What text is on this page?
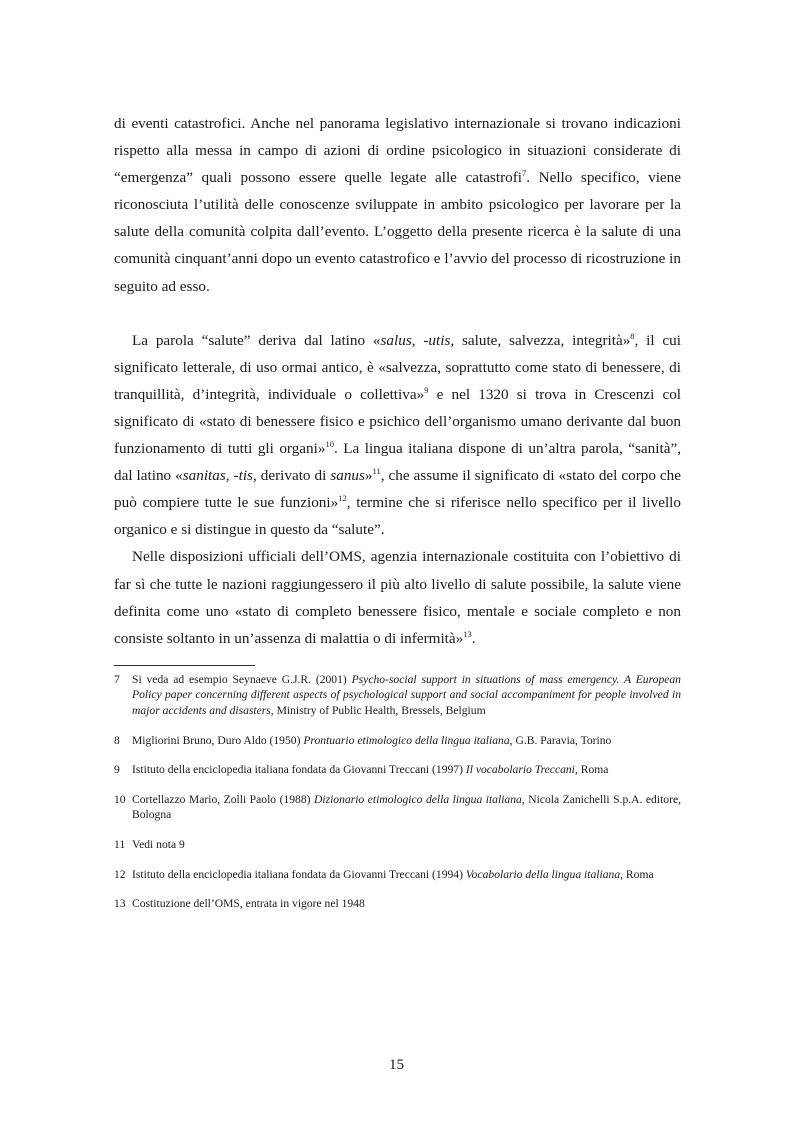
di eventi catastrofici. Anche nel panorama legislativo internazionale si trovano indicazioni rispetto alla messa in campo di azioni di ordine psicologico in situazioni considerate di “emergenza” quali possono essere quelle legate alle catastrofi$^7$. Nello specifico, viene riconosciuta l’utilità delle conoscenze sviluppate in ambito psicologico per lavorare per la salute della comunità colpita dall’evento. L’oggetto della presente ricerca è la salute di una comunità cinquant’anni dopo un evento catastrofico e l’avvio del processo di ricostruzione in seguito ad esso.

La parola “salute” deriva dal latino «salus, -utis, salute, salvezza, integrità»$^8$, il cui significato letterale, di uso ormai antico, è «salvezza, soprattutto come stato di benessere, di tranquillità, d’integrità, individuale o collettiva»$^9$ e nel 1320 si trova in Crescenzi col significato di «stato di benessere fisico e psichico dell’organismo umano derivante dal buon funzionamento di tutti gli organi»$^{10}$. La lingua italiana dispone di un’altra parola, “sanità”, dal latino «sanitas, -tis, derivato di sanus»$^{11}$, che assume il significato di «stato del corpo che può compiere tutte le sue funzioni»$^{12}$, termine che si riferisce nello specifico per il livello organico e si distingue in questo da “salute”.

Nelle disposizioni ufficiali dell’OMS, agenzia internazionale costituita con l’obiettivo di far sì che tutte le nazioni raggiungessero il più alto livello di salute possibile, la salute viene definita come uno «stato di completo benessere fisico, mentale e sociale completo e non consiste soltanto in un’assenza di malattia o di infermità»$^{13}$.

7	Si veda ad esempio Seynaeve G.J.R. (2001) Psycho-social support in situations of mass emergency. A European Policy paper concerning different aspects of psychological support and social accompaniment for people involved in major accidents and disasters, Ministry of Public Health, Bressels, Belgium
8	Migliorini Bruno, Duro Aldo (1950) Prontuario etimologico della lingua italiana, G.B. Paravia, Torino
9	Istituto della enciclopedia italiana fondata da Giovanni Treccani (1997) Il vocabolario Treccani, Roma
10 Cortellazzo Mario, Zolli Paolo (1988) Dizionario etimologico della lingua italiana, Nicola Zanichelli S.p.A. editore, Bologna
11 Vedi nota 9
12 Istituto della enciclopedia italiana fondata da Giovanni Treccani (1994) Vocabolario della lingua italiana, Roma
13 Costituzione dell’OMS, entrata in vigore nel 1948
15
